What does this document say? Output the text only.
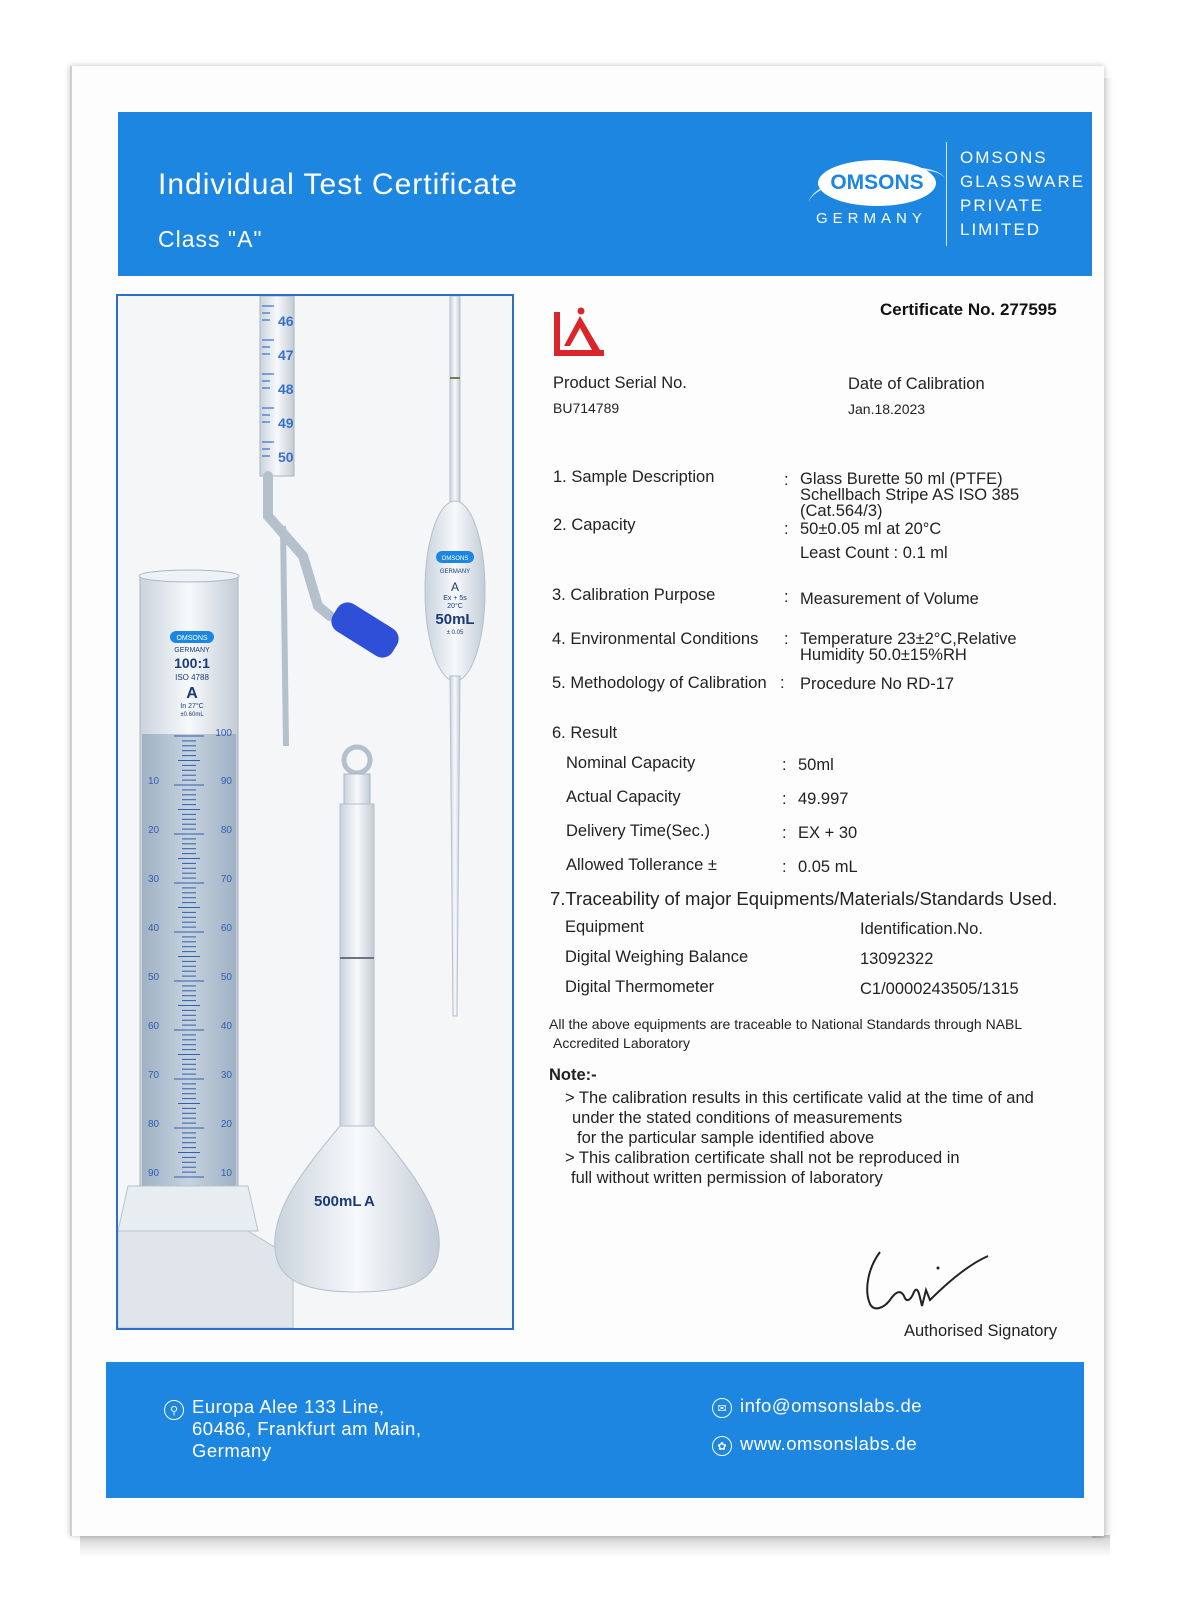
Individual Test Certificate
Class "A"
OMSONS
GERMANY
OMSONS
GLASSWARE
PRIVATE
LIMITED
46
47
48
49
50
OMSONS
GERMANY
A
Ex + 5s
20°C
50mL
± 0.05
OMSONS
GERMANY
100:1
ISO 4788
A
In 27°C
±0.60mL
10
20
30
40
50
60
70
80
90
100
90
80
70
60
50
40
30
20
10
500mL A
Certificate No. 277595
Product Serial No.
BU714789
Date of Calibration
Jan.18.2023
1. Sample Description	: Glass Burette 50 ml (PTFE)
Schellbach Stripe AS ISO 385
(Cat.564/3)
2. Capacity	: 50±0.05 ml at 20°C
Least Count : 0.1 ml
3. Calibration Purpose	: Measurement of Volume
4. Environmental Conditions : Temperature 23±2°C,Relative
Humidity 50.0±15%RH
5. Methodology of Calibration : Procedure No RD-17
6. Result
Nominal Capacity	: 50ml
Actual Capacity	: 49.997
Delivery Time(Sec.)	: EX + 30
Allowed Tollerance ±	: 0.05 mL
7.Traceability of major Equipments/Materials/Standards Used.
Equipment	Identification.No.
Digital Weighing Balance	13092322
Digital Thermometer	C1/0000243505/1315
All the above equipments are traceable to National Standards through NABL
Accredited Laboratory
Note:-
> The calibration results in this certificate valid at the time of and
under the stated conditions of measurements
for the particular sample identified above
> This calibration certificate shall not be reproduced in
full without written permission of laboratory
Authorised Signatory
⚲ Europa Alee 133 Line,
60486, Frankfurt am Main,
Germany
✉ info@omsonslabs.de
✿ www.omsonslabs.de
